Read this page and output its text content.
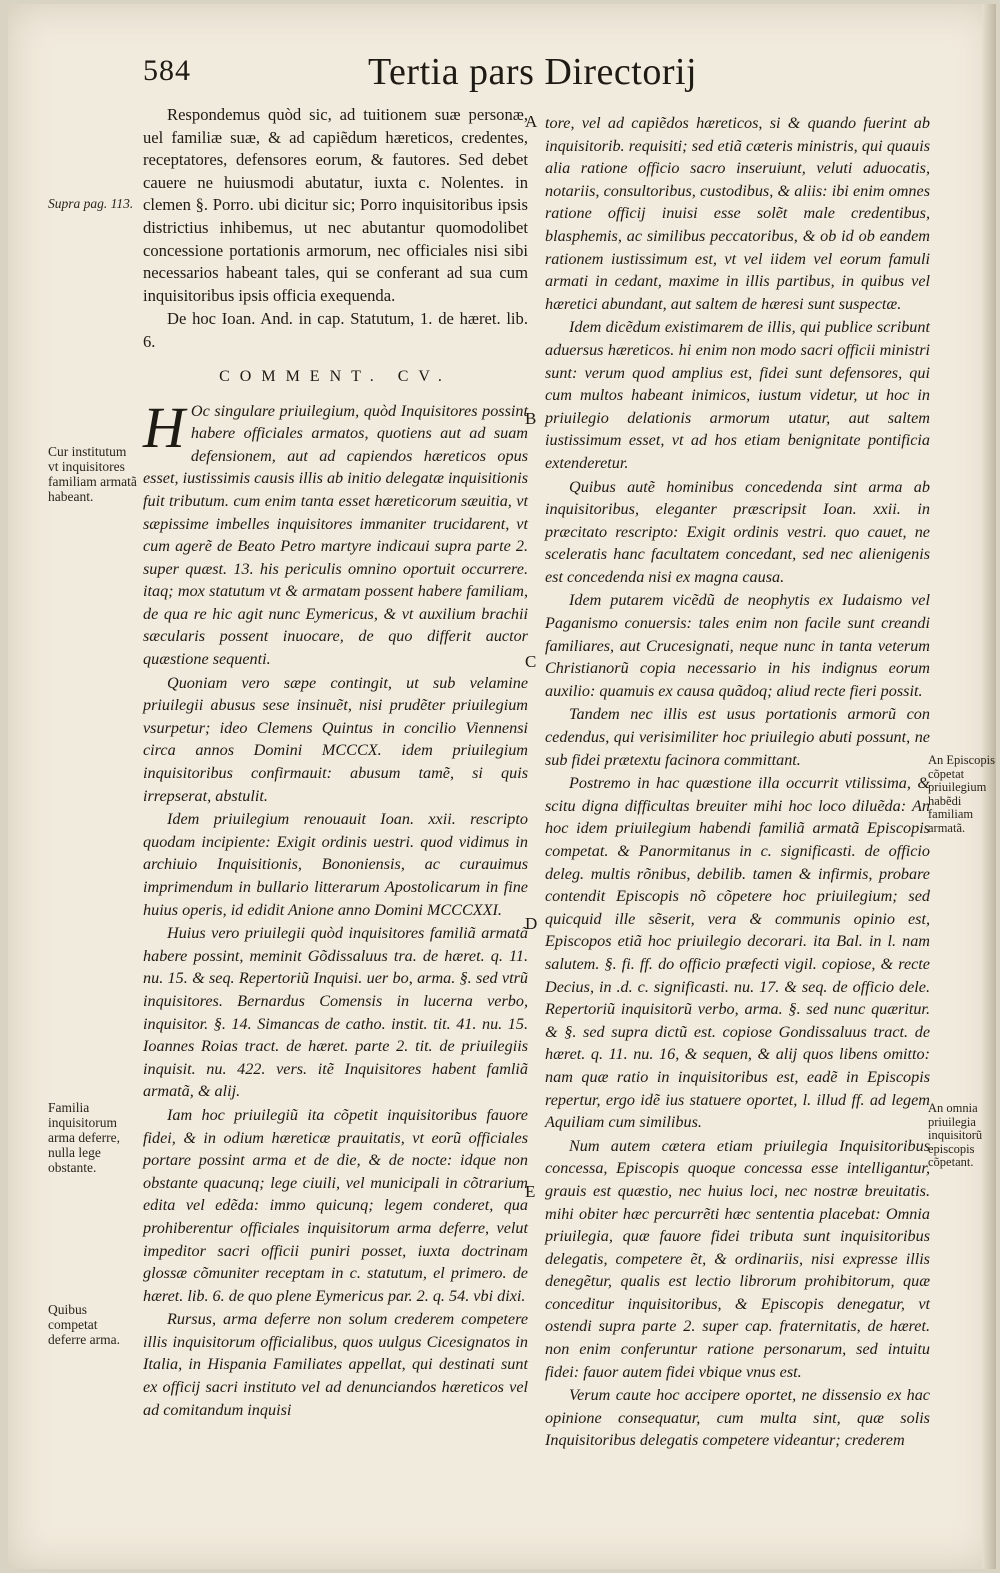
584	Tertia pars Directorij
A
B
C
D
E

Respondemus quòd sic, ad tuitionem suæ personæ, uel familiæ suæ, & ad capiẽdum hæreticos, credentes, receptatores, defensores eorum, & fautores. Sed debet cauere ne huiusmodi abutatur, iuxta c. Nolentes. in clemen §. Porro. ubi dicitur sic; Porro inquisitoribus ipsis districtius inhibemus, ut nec abutantur quomodolibet concessione portationis armorum, nec officiales nisi sibi necessarios habeant tales, qui se conferant ad sua cum inquisitoribus ipsis officia exequenda.

De hoc Ioan. And. in cap. Statutum, 1. de hæret. lib. 6.

COMMENT. CV.

H Oc singulare priuilegium, quòd Inquisitores possint habere officiales armatos, quotiens aut ad suam defensionem, aut ad capiendos hæreticos opus esset, iustissimis causis illis ab initio delegatæ inquisitionis fuit tributum. cum enim tanta esset hæreticorum sæuitia, vt sæpissime imbelles inquisitores immaniter trucidarent, vt cum agerẽ de Beato Petro martyre indicaui supra parte 2. super quæst. 13. his periculis omnino oportuit occurrere. itaq; mox statutum vt & armatam possent habere familiam, de qua re hic agit nunc Eymericus, & vt auxilium brachii sæcularis possent inuocare, de quo differit auctor quæstione sequenti.

Quoniam vero sæpe contingit, ut sub velamine priuilegii abusus sese insinuẽt, nisi prudẽter priuilegium vsurpetur; ideo Clemens Quintus in concilio Viennensi circa annos Domini MCCCX. idem priuilegium inquisitoribus confirmauit: abusum tamẽ, si quis irrepserat, abstulit.

Idem priuilegium renouauit Ioan. xxii. rescripto quodam incipiente: Exigit ordinis uestri. quod vidimus in archiuio Inquisitionis, Bononiensis, ac curauimus imprimendum in bullario litterarum Apostolicarum in fine huius operis, id edidit Anione anno Domini MCCCXXI.

Huius vero priuilegii quòd inquisitores familiã armatã habere possint, meminit Gõdissaluus tra. de hæret. q. 11. nu. 15. & seq. Repertoriũ Inquisi. uer bo, arma. §. sed vtrũ inquisitores. Bernardus Comensis in lucerna verbo, inquisitor. §. 14. Simancas de catho. instit. tit. 41. nu. 15. Ioannes Roias tract. de hæret. parte 2. tit. de priuilegiis inquisit. nu. 422. vers. itẽ Inquisitores habent famliã armatã, & alij.

Iam hoc priuilegiũ ita cõpetit inquisitoribus fauore fidei, & in odium hæreticæ prauitatis, vt eorũ officiales portare possint arma et de die, & de nocte: idque non obstante quacunq; lege ciuili, vel municipali in cõtrarium edita vel edẽda: immo quicunq; legem conderet, qua prohiberentur officiales inquisitorum arma deferre, velut impeditor sacri officii puniri posset, iuxta doctrinam glossæ cõmuniter receptam in c. statutum, el primero. de hæret. lib. 6. de quo plene Eymericus par. 2. q. 54. vbi dixi.

Rursus, arma deferre non solum crederem competere illis inquisitorum officialibus, quos uulgus Cicesignatos in Italia, in Hispania Familiates appellat, qui destinati sunt ex officij sacri instituto vel ad denunciandos hæreticos vel ad comitandum inquisi

tore, vel ad capiẽdos hæreticos, si & quando fuerint ab inquisitorib. requisiti; sed etiã cæteris ministris, qui quauis alia ratione officio sacro inseruiunt, veluti aduocatis, notariis, consultoribus, custodibus, & aliis: ibi enim omnes ratione officij inuisi esse solẽt male credentibus, blasphemis, ac similibus peccatoribus, & ob id ob eandem rationem iustissimum est, vt vel iidem vel eorum famuli armati in cedant, maxime in illis partibus, in quibus vel hæretici abundant, aut saltem de hæresi sunt suspectæ.

Idem dicẽdum existimarem de illis, qui publice scribunt aduersus hæreticos. hi enim non modo sacri officii ministri sunt: verum quod amplius est, fidei sunt defensores, qui cum multos habeant inimicos, iustum videtur, ut hoc in priuilegio delationis armorum utatur, aut saltem iustissimum esset, vt ad hos etiam benignitate pontificia extenderetur.

Quibus autẽ hominibus concedenda sint arma ab inquisitoribus, eleganter præscripsit Ioan. xxii. in præcitato rescripto: Exigit ordinis vestri. quo cauet, ne sceleratis hanc facultatem concedant, sed nec alienigenis est concedenda nisi ex magna causa.

Idem putarem vicẽdũ de neophytis ex Iudaismo vel Paganismo conuersis: tales enim non facile sunt creandi familiares, aut Crucesignati, neque nunc in tanta veterum Christianorũ copia necessario in his indignus eorum auxilio: quamuis ex causa quãdoq; aliud recte fieri possit.

Tandem nec illis est usus portationis armorũ con cedendus, qui verisimiliter hoc priuilegio abuti possunt, ne sub fidei prætextu facinora committant.

Postremo in hac quæstione illa occurrit vtilissima, & scitu digna difficultas breuiter mihi hoc loco diluẽda: An hoc idem priuilegium habendi familiã armatã Episcopis competat. & Panormitanus in c. significasti. de officio deleg. multis rõnibus, debilib. tamen & infirmis, probare contendit Episcopis nõ cõpetere hoc priuilegium; sed quicquid ille sẽserit, vera & communis opinio est, Episcopos etiã hoc priuilegio decorari. ita Bal. in l. nam salutem. §. fi. ff. do officio præfecti vigil. copiose, & recte Decius, in .d. c. significasti. nu. 17. & seq. de officio dele. Repertoriũ inquisitorũ verbo, arma. §. sed nunc quæritur. & §. sed supra dictũ est. copiose Gondissaluus tract. de hæret. q. 11. nu. 16, & sequen, & alij quos libens omitto: nam quæ ratio in inquisitoribus est, eadẽ in Episcopis repertur, ergo idẽ ius statuere oportet, l. illud ff. ad legem Aquiliam cum similibus.

Num autem cætera etiam priuilegia Inquisitoribus concessa, Episcopis quoque concessa esse intelligantur, grauis est quæstio, nec huius loci, nec nostræ breuitatis. mihi obiter hæc percurrẽti hæc sententia placebat: Omnia priuilegia, quæ fauore fidei tributa sunt inquisitoribus delegatis, competere ẽt, & ordinariis, nisi expresse illis denegẽtur, qualis est lectio librorum prohibitorum, quæ conceditur inquisitoribus, & Episcopis denegatur, vt ostendi supra parte 2. super cap. fraternitatis, de hæret. non enim conferuntur ratione personarum, sed intuitu fidei: fauor autem fidei vbique vnus est.

Verum caute hoc accipere oportet, ne dissensio ex hac opinione consequatur, cum multa sint, quæ solis Inquisitoribus delegatis competere videantur; crederem

Supra pag. 113.
Cur institutum vt inquisitores familiam armatã habeant.
Familia inquisitorum arma deferre, nulla lege obstante.
Quibus competat deferre arma.
An Episcopis cõpetat priuilegium habẽdi familiam armatã.
An omnia priuilegia inquisitorũ episcopis cõpetant.
